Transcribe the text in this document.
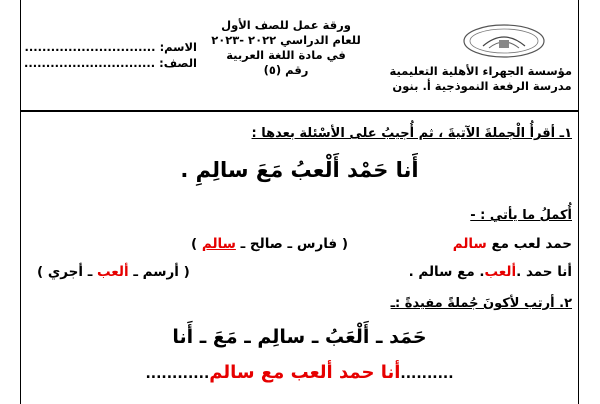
مؤسسة الجهراء الأهلية التعليمية
مدرسة الرفعة النموذجية أ. بنون
ورقة عمل للصف الأول
للعام الدراسي ٢٠٢٢ -٢٠٢٣
في مادة اللغة العربية
رقم (٥)
الاسم: ..............................
الصف: ..............................
١ـ أقرأُ الْجملةَ الآتيةَ ، ثم أُجيبُ على الأسْئلة بعدها :
أَنا حَمْد أَلْعبُ مَعَ سالِمِ .
أُكملُ ما يأتي : -
حمد لعب مع سالم
( فارس ـ صالح ـ سالم )
أنا حمد .ألعب. مع سالم .
( أرسم ـ ألعب ـ أجري )
٢. أرتب لأكونَ جُملةً مفيدةً :ـ
حَمَد ـ أَلْعَبُ ـ سالِم ـ مَعَ ـ أَنا
..........أنا حمد ألعب مع سالم............
